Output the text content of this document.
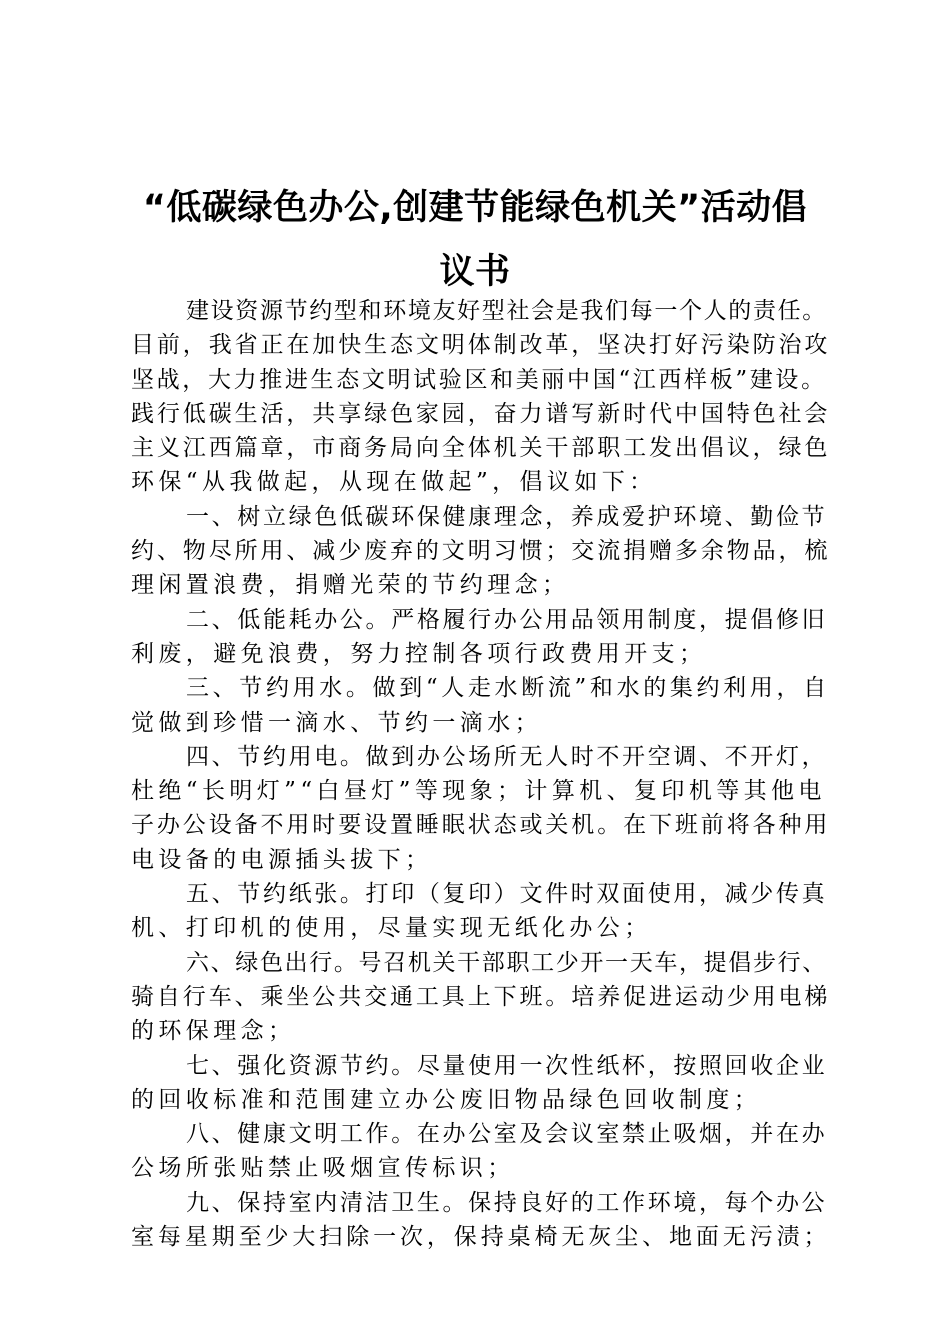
“低碳绿色办公,创建节能绿色机关”活动倡
议书
建设资源节约型和环境友好型社会是我们每一个人的责任。
目前，我省正在加快生态文明体制改革，坚决打好污染防治攻
坚战，大力推进生态文明试验区和美丽中国“江西样板”建设。
践行低碳生活，共享绿色家园，奋力谱写新时代中国特色社会
主义江西篇章，市商务局向全体机关干部职工发出倡议，绿色
环保“从我做起，从现在做起”，倡议如下：
一、树立绿色低碳环保健康理念，养成爱护环境、勤俭节
约、物尽所用、减少废弃的文明习惯；交流捐赠多余物品，梳
理闲置浪费，捐赠光荣的节约理念；
二、低能耗办公。严格履行办公用品领用制度，提倡修旧
利废，避免浪费，努力控制各项行政费用开支；
三、节约用水。做到“人走水断流”和水的集约利用，自
觉做到珍惜一滴水、节约一滴水；
四、节约用电。做到办公场所无人时不开空调、不开灯，
杜绝“长明灯”“白昼灯”等现象；计算机、复印机等其他电
子办公设备不用时要设置睡眠状态或关机。在下班前将各种用
电设备的电源插头拔下；
五、节约纸张。打印（复印）文件时双面使用，减少传真
机、打印机的使用，尽量实现无纸化办公；
六、绿色出行。号召机关干部职工少开一天车，提倡步行、
骑自行车、乘坐公共交通工具上下班。培养促进运动少用电梯
的环保理念；
七、强化资源节约。尽量使用一次性纸杯，按照回收企业
的回收标准和范围建立办公废旧物品绿色回收制度；
八、健康文明工作。在办公室及会议室禁止吸烟，并在办
公场所张贴禁止吸烟宣传标识；
九、保持室内清洁卫生。保持良好的工作环境，每个办公
室每星期至少大扫除一次，保持桌椅无灰尘、地面无污渍；
